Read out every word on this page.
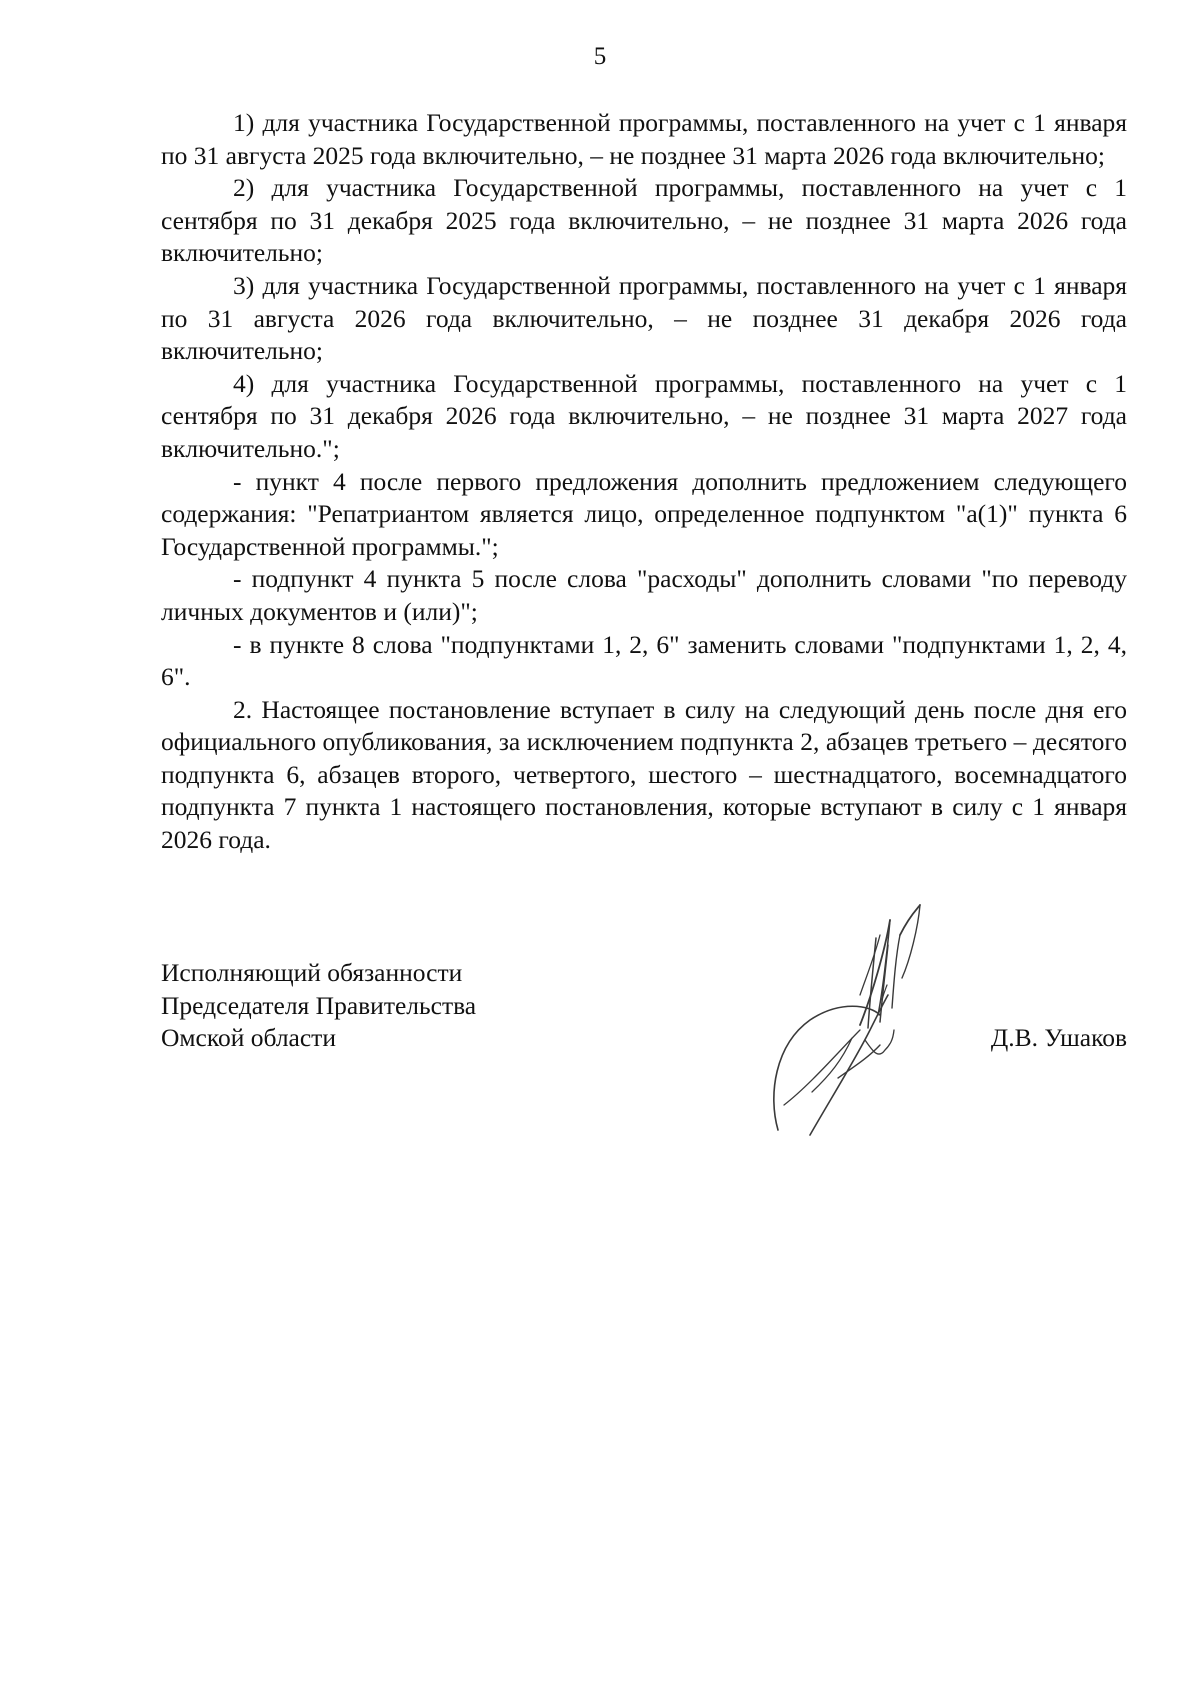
5

1) для участника Государственной программы, поставленного на учет с 1 января по 31 августа 2025 года включительно, – не позднее 31 марта 2026 года включительно;

2) для участника Государственной программы, поставленного на учет с 1 сентября по 31 декабря 2025 года включительно, – не позднее 31 марта 2026 года включительно;

3) для участника Государственной программы, поставленного на учет с 1 января по 31 августа 2026 года включительно, – не позднее 31 декабря 2026 года включительно;

4) для участника Государственной программы, поставленного на учет с 1 сентября по 31 декабря 2026 года включительно, – не позднее 31 марта 2027 года включительно.";

- пункт 4 после первого предложения дополнить предложением следующего содержания: "Репатриантом является лицо, определенное подпунктом "а(1)" пункта 6 Государственной программы.";

- подпункт 4 пункта 5 после слова "расходы" дополнить словами "по переводу личных документов и (или)";

- в пункте 8 слова "подпунктами 1, 2, 6" заменить словами "подпунктами 1, 2, 4, 6".

2. Настоящее постановление вступает в силу на следующий день после дня его официального опубликования, за исключением подпункта 2, абзацев третьего – десятого подпункта 6, абзацев второго, четвертого, шестого – шестнадцатого, восемнадцатого подпункта 7 пункта 1 настоящего постановления, которые вступают в силу с 1 января 2026 года.

Исполняющий обязанности
Председателя Правительства
Омской области	Д.В. Ушаков
